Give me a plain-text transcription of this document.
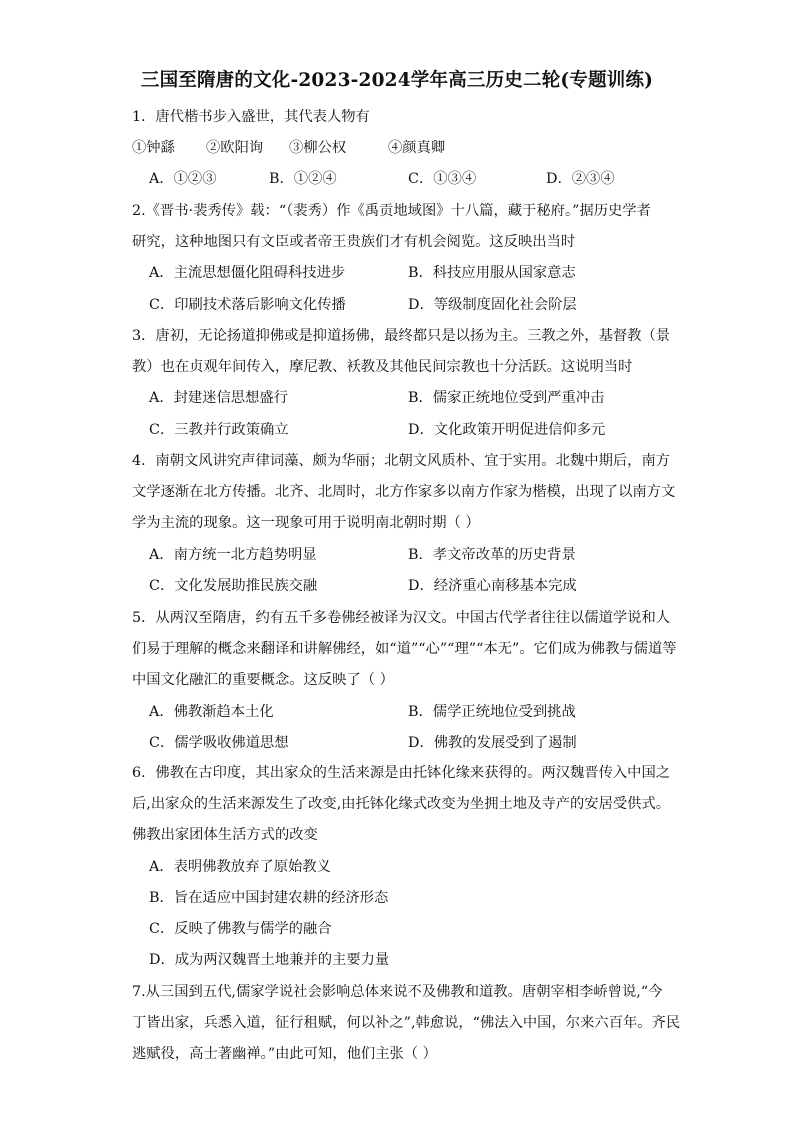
三国至隋唐的文化-2023-2024学年高三历史二轮(专题训练)
1．唐代楷书步入盛世，其代表人物有
①钟繇 ②欧阳询 ③柳公权	④颜真卿
A．①②③	B．①②④	C．①③④	D．②③④
2.《晋书·裴秀传》载：“（裴秀）作《禹贡地域图》十八篇，藏于秘府。”据历史学者
研究，这种地图只有文臣或者帝王贵族们才有机会阅览。这反映出当时
A．主流思想僵化阻碍科技进步	B．科技应用服从国家意志
C．印刷技术落后影响文化传播	D．等级制度固化社会阶层
3．唐初，无论扬道抑佛或是抑道扬佛，最终都只是以扬为主。三教之外，基督教（景
教）也在贞观年间传入，摩尼教、袄教及其他民间宗教也十分活跃。这说明当时
A．封建迷信思想盛行	B．儒家正统地位受到严重冲击
C．三教并行政策确立	D．文化政策开明促进信仰多元
4．南朝文风讲究声律词藻、颇为华丽；北朝文风质朴、宜于实用。北魏中期后，南方
文学逐渐在北方传播。北齐、北周时，北方作家多以南方作家为楷模，出现了以南方文
学为主流的现象。这一现象可用于说明南北朝时期（ ）
A．南方统一北方趋势明显	B．孝文帝改革的历史背景
C．文化发展助推民族交融	D．经济重心南移基本完成
5．从两汉至隋唐，约有五千多卷佛经被译为汉文。中国古代学者往往以儒道学说和人
们易于理解的概念来翻译和讲解佛经，如“道”“心”“理”“本无”。它们成为佛教与儒道等
中国文化融汇的重要概念。这反映了（ ）
A．佛教渐趋本土化	B．儒学正统地位受到挑战
C．儒学吸收佛道思想	D．佛教的发展受到了遏制
6．佛教在古印度，其出家众的生活来源是由托钵化缘来获得的。两汉魏晋传入中国之
后,出家众的生活来源发生了改变,由托钵化缘式改变为坐拥土地及寺产的安居受供式。
佛教出家团体生活方式的改变
A．表明佛教放弃了原始教义
B．旨在适应中国封建农耕的经济形态
C．反映了佛教与儒学的融合
D．成为两汉魏晋土地兼并的主要力量
7.从三国到五代,儒家学说社会影响总体来说不及佛教和道教。唐朝宰相李峤曾说,“今
丁皆出家，兵悉入道，征行租赋，何以补之”,韩愈说，“佛法入中国，尔来六百年。齐民
逃赋役，高士著幽禅。”由此可知，他们主张（ ）
